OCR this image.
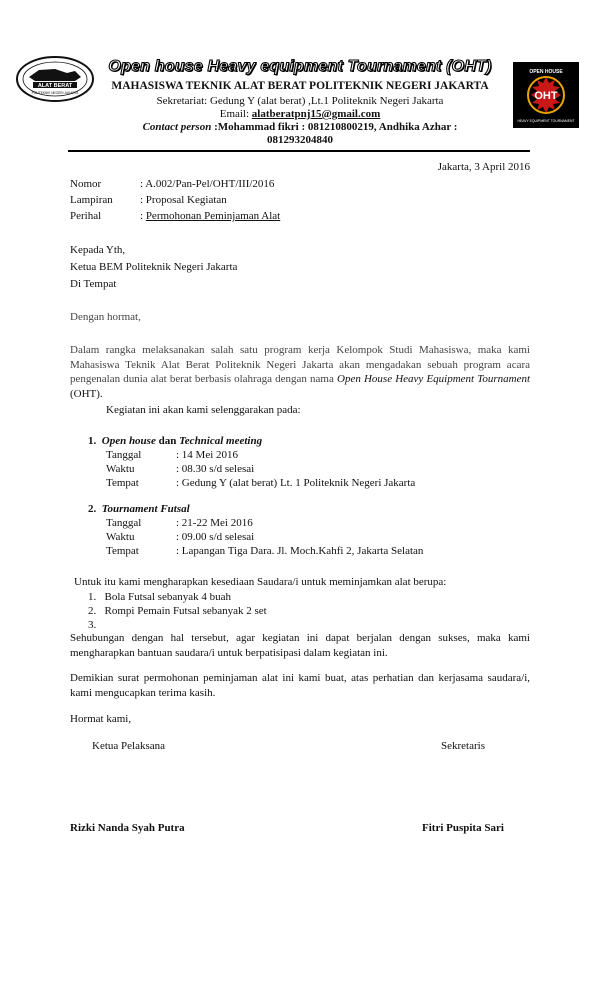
ALAT BERAT
POLITEKNIK NEGERI JAKARTA
OPEN HOUSE
OHT
HEAVY EQUIPMENT TOURNAMENT
Open house Heavy equipment Tournament (OHT)
MAHASISWA TEKNIK ALAT BERAT POLITEKNIK NEGERI JAKARTA
Sekretariat: Gedung Y (alat berat) ,Lt.1 Politeknik Negeri Jakarta
Email: alatberatpnj15@gmail.com
Contact person :Mohammad fikri : 081210800219, Andhika Azhar :
081293204840
Jakarta, 3 April 2016
Nomor	: A.002/Pan-Pel/OHT/III/2016
Lampiran : Proposal Kegiatan
Perihal	: Permohonan Peminjaman Alat
Kepada Yth,
Ketua BEM Politeknik Negeri Jakarta
Di Tempat
Dengan hormat,
Dalam rangka melaksanakan salah satu program kerja Kelompok Studi Mahasiswa, maka kami Mahasiswa Teknik Alat Berat Politeknik Negeri Jakarta akan mengadakan sebuah program acara pengenalan dunia alat berat berbasis olahraga dengan nama Open House Heavy Equipment Tournament (OHT).
Kegiatan ini akan kami selenggarakan pada:
1. Open house dan Technical meeting
Tanggal	: 14 Mei 2016
Waktu	: 08.30 s/d selesai
Tempat	: Gedung Y (alat berat) Lt. 1 Politeknik Negeri Jakarta
2. Tournament Futsal
Tanggal	: 21-22 Mei 2016
Waktu	: 09.00 s/d selesai
Tempat	: Lapangan Tiga Dara. Jl. Moch.Kahfi 2, Jakarta Selatan
Untuk itu kami mengharapkan kesediaan Saudara/i untuk meminjamkan alat berupa:
1. Bola Futsal sebanyak 4 buah
2. Rompi Pemain Futsal sebanyak 2 set
3.
Sehubungan dengan hal tersebut, agar kegiatan ini dapat berjalan dengan sukses, maka kami mengharapkan bantuan saudara/i untuk berpatisipasi dalam kegiatan ini.
Demikian surat permohonan peminjaman alat ini kami buat, atas perhatian dan kerjasama saudara/i, kami mengucapkan terima kasih.
Hormat kami,
Ketua Pelaksana	Sekretaris
Rizki Nanda Syah Putra	Fitri Puspita Sari
